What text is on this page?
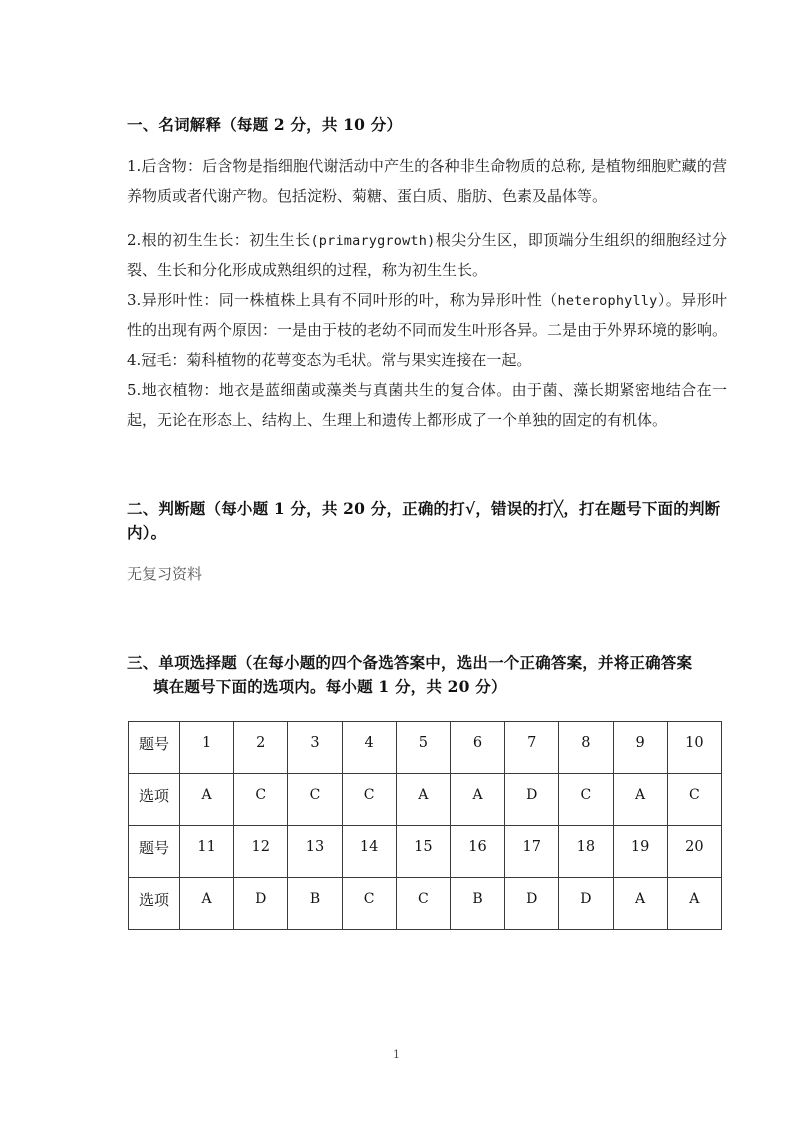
一、名词解释（每题 2 分，共 10 分）

1.后含物：后含物是指细胞代谢活动中产生的各种非生命物质的总称, 是植物细胞贮藏的营养物质或者代谢产物。包括淀粉、菊糖、蛋白质、脂肪、色素及晶体等。

2.根的初生生长：初生生长(primarygrowth)根尖分生区，即顶端分生组织的细胞经过分裂、生长和分化形成成熟组织的过程，称为初生生长。

3.异形叶性：同一株植株上具有不同叶形的叶，称为异形叶性（heterophylly）。异形叶性的出现有两个原因：一是由于枝的老幼不同而发生叶形各异。二是由于外界环境的影响。

4.冠毛：菊科植物的花萼变态为毛状。常与果实连接在一起。

5.地衣植物：地衣是蓝细菌或藻类与真菌共生的复合体。由于菌、藻长期紧密地结合在一起，无论在形态上、结构上、生理上和遗传上都形成了一个单独的固定的有机体。

二、判断题（每小题 1 分，共 20 分，正确的打√，错误的打╳，打在题号下面的判断内）。

无复习资料

三、单项选择题（在每小题的四个备选答案中，选出一个正确答案，并将正确答案
填在题号下面的选项内。每小题 1 分，共 20 分）
题号	1	2	3	4	5	6	7	8	9	10
选项	A	C	C	C	A	A	D	C	A	C
题号	11	12	13	14	15	16	17	18	19	20
选项	A	D	B	C	C	B	D	D	A	A
1
